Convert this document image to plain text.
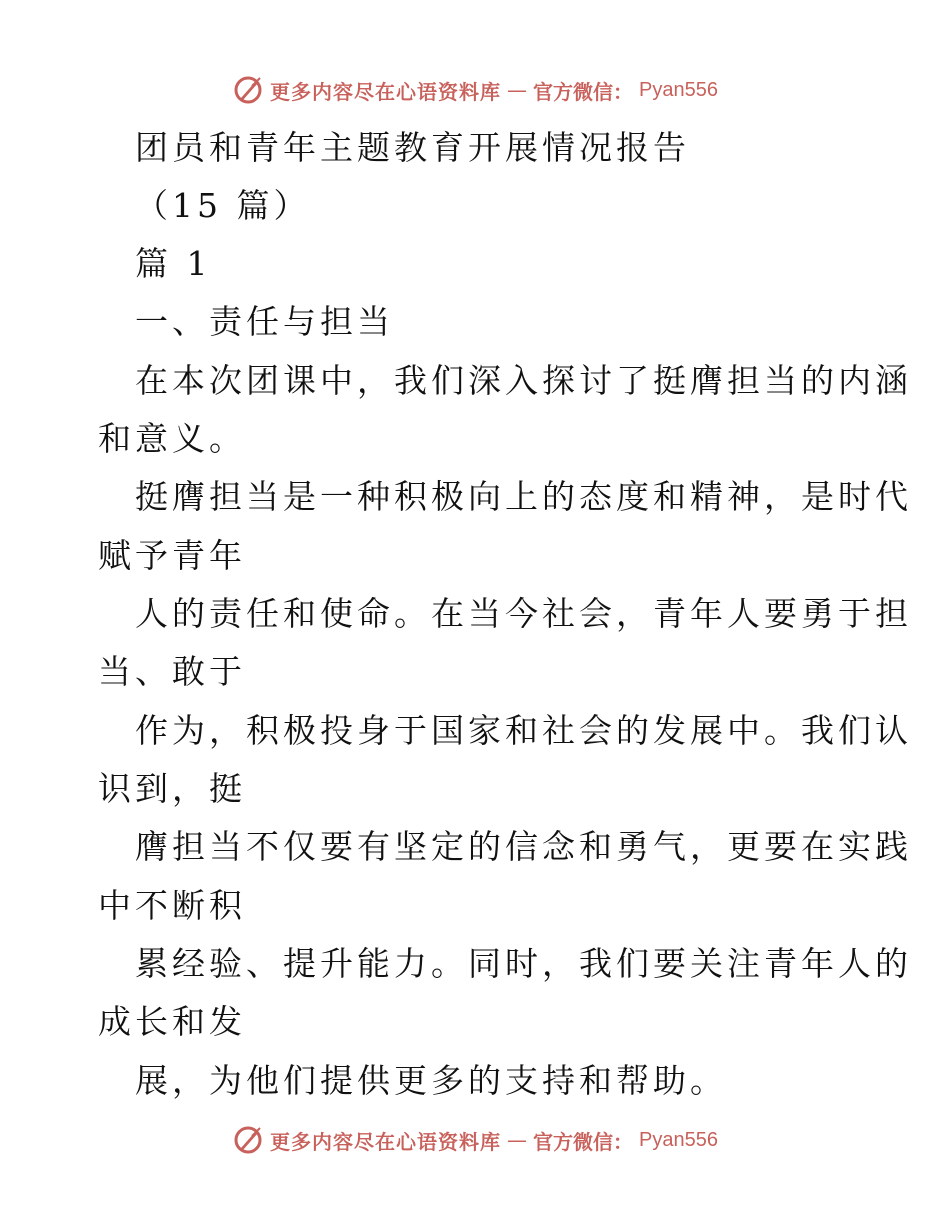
更多内容尽在心语资料库 — 官方微信： Pyan556
团员和青年主题教育开展情况报告
（15 篇）
篇 1
一、责任与担当
在本次团课中，我们深入探讨了挺膺担当的内涵
和意义。
挺膺担当是一种积极向上的态度和精神，是时代
赋予青年
人的责任和使命。在当今社会，青年人要勇于担
当、敢于
作为，积极投身于国家和社会的发展中。我们认
识到，挺
膺担当不仅要有坚定的信念和勇气，更要在实践
中不断积
累经验、提升能力。同时，我们要关注青年人的
成长和发
展，为他们提供更多的支持和帮助。
更多内容尽在心语资料库 — 官方微信： Pyan556
